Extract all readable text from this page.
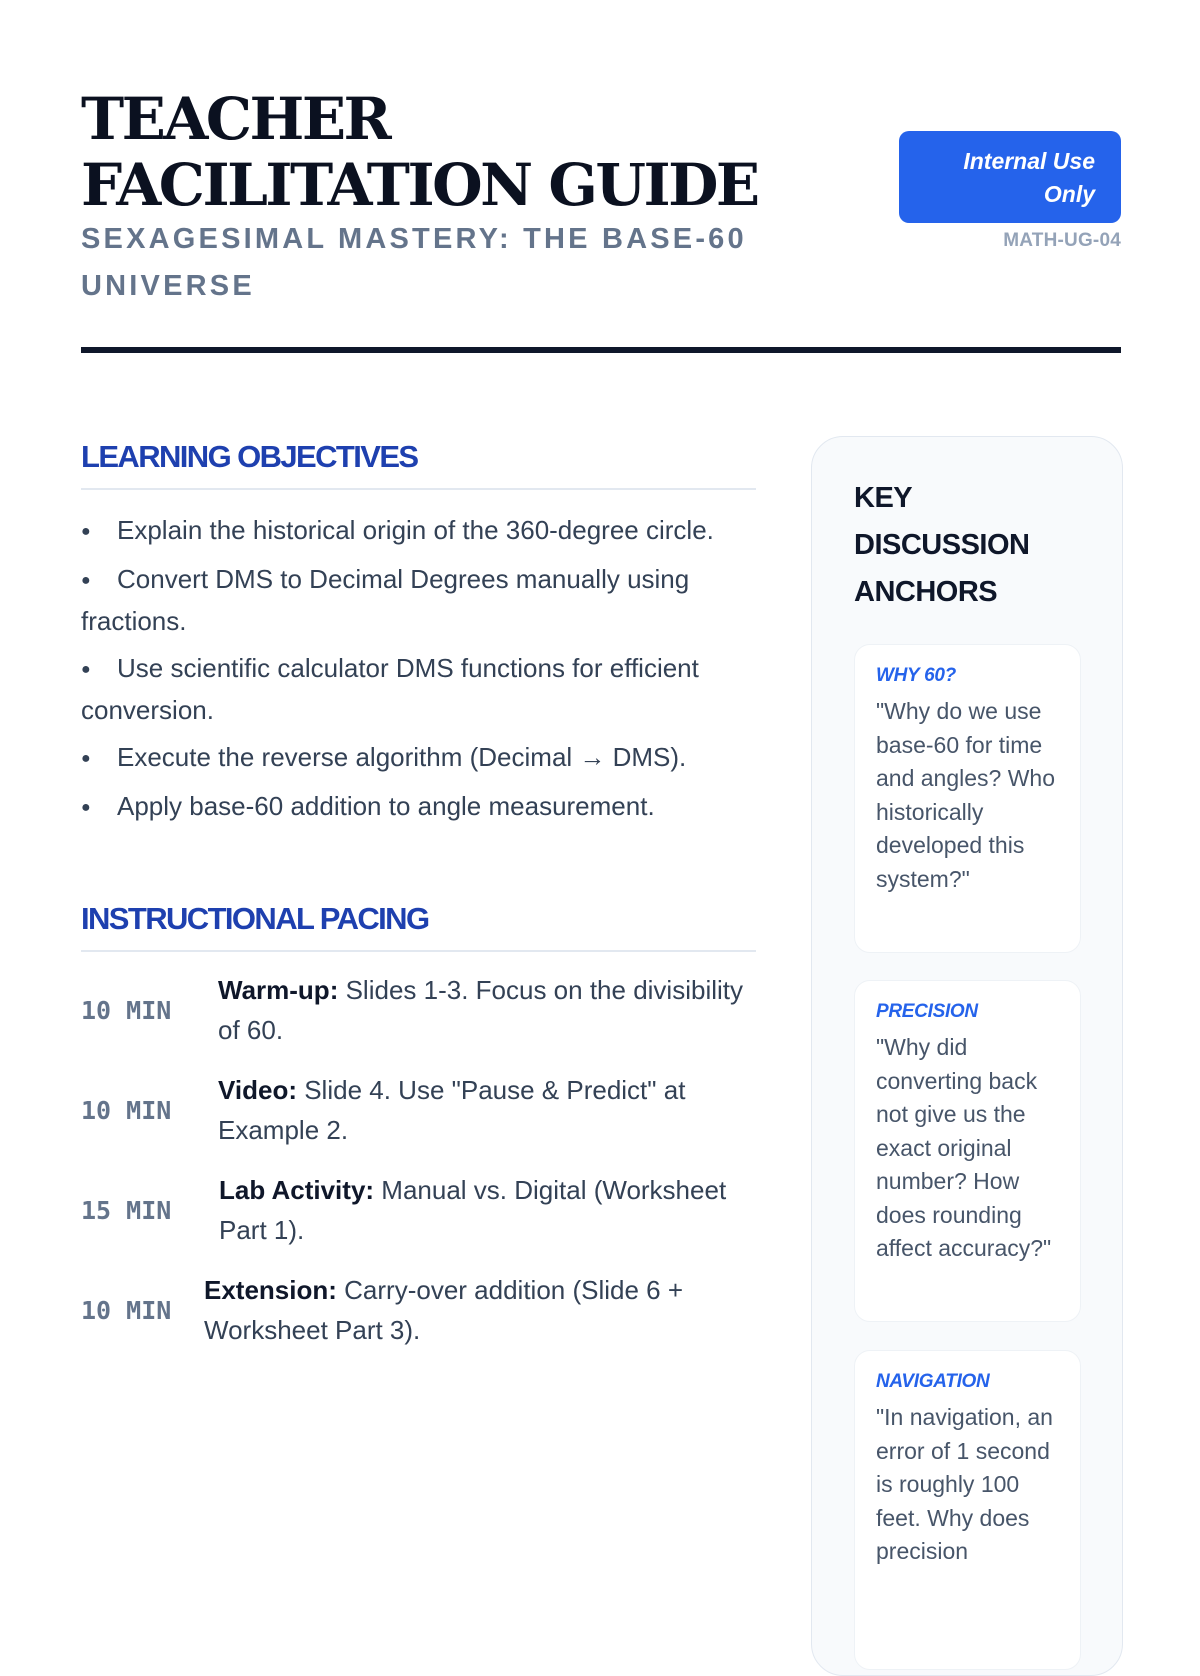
TEACHER FACILITATION GUIDE
SEXAGESIMAL MASTERY: THE BASE-60 UNIVERSE
Internal Use Only
MATH-UG-04
LEARNING OBJECTIVES
● Explain the historical origin of the 360-degree circle.
● Convert DMS to Decimal Degrees manually using fractions.
● Use scientific calculator DMS functions for efficient conversion.
● Execute the reverse algorithm (Decimal → DMS).
● Apply base-60 addition to angle measurement.
INSTRUCTIONAL PACING
10 MIN
Warm-up: Slides 1-3. Focus on the divisibility of 60.
10 MIN
Video: Slide 4. Use "Pause & Predict" at Example 2.
15 MIN
Lab Activity: Manual vs. Digital (Worksheet Part 1).
10 MIN
Extension: Carry-over addition (Slide 6 + Worksheet Part 3).
KEY DISCUSSION ANCHORS
WHY 60?
"Why do we use base-60 for time and angles? Who historically developed this system?"
PRECISION
"Why did converting back not give us the exact original number? How does rounding affect accuracy?"
NAVIGATION
"In navigation, an error of 1 second is roughly 100 feet. Why does precision
